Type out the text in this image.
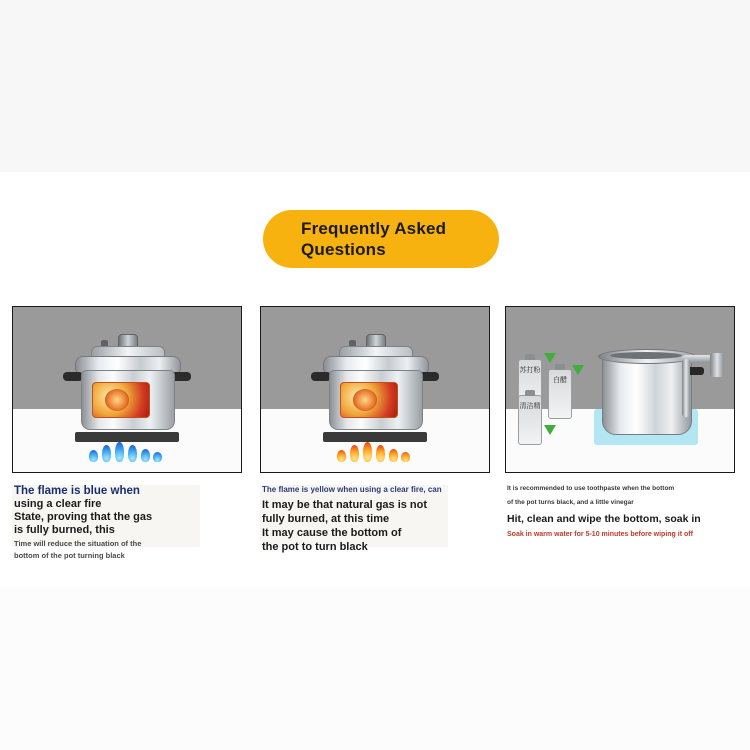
Frequently Asked
Questions

The flame is blue when

using a clear fire

State, proving that the gas

is fully burned, this

Time will reduce the situation of the

bottom of the pot turning black

The flame is yellow when using a clear fire, can

It may be that natural gas is not

fully burned, at this time

It may cause the bottom of

the pot to turn black

苏打粉
白醋
清洁精

It is recommended to use toothpaste when the bottom

of the pot turns black, and a little vinegar

Hit, clean and wipe the bottom, soak in

Soak in warm water for 5-10 minutes before wiping it off
